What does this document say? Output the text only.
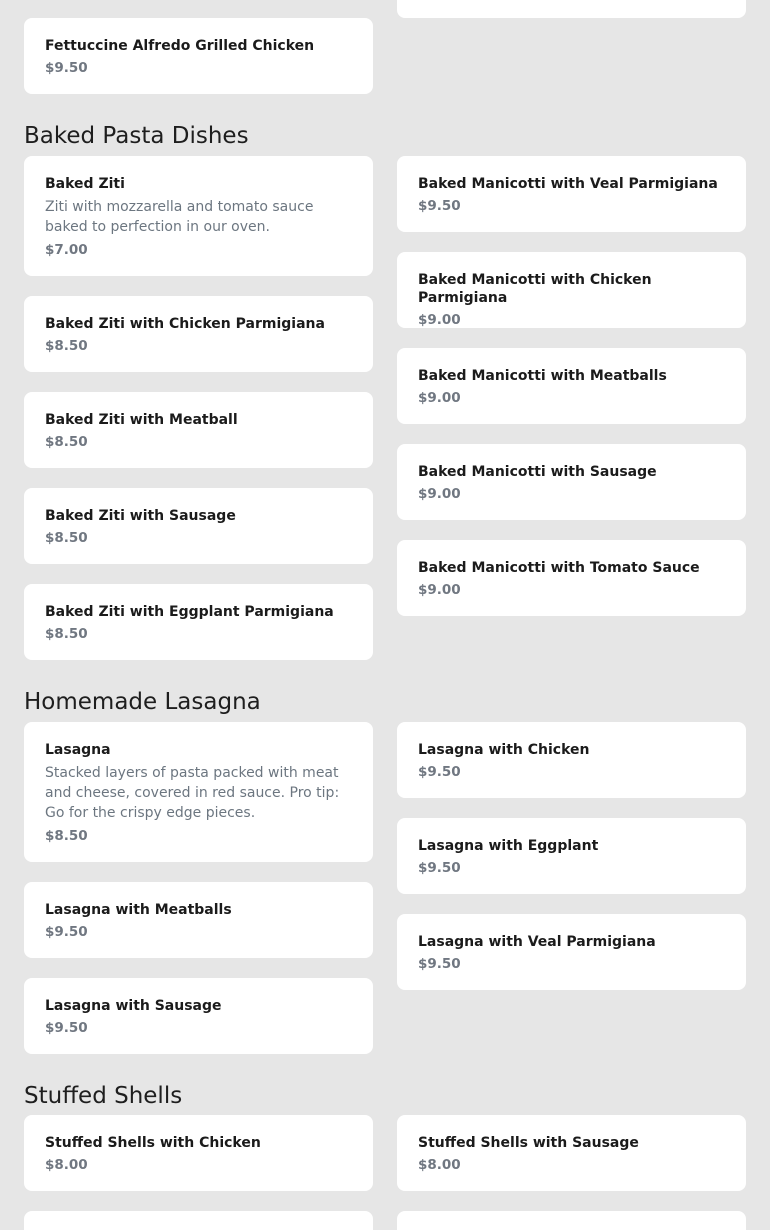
Fettuccine Alfredo Grilled Chicken
$9.50
Baked Pasta Dishes
Baked Ziti
Ziti with mozzarella and tomato sauce baked to perfection in our oven.
$7.00
Baked Manicotti with Veal Parmigiana
$9.50
Baked Ziti with Chicken Parmigiana
$8.50
Baked Manicotti with Chicken Parmigiana
$9.00
Baked Ziti with Meatball
$8.50
Baked Manicotti with Meatballs
$9.00
Baked Ziti with Sausage
$8.50
Baked Manicotti with Sausage
$9.00
Baked Ziti with Eggplant Parmigiana
$8.50
Baked Manicotti with Tomato Sauce
$9.00
Homemade Lasagna
Lasagna
Stacked layers of pasta packed with meat and cheese, covered in red sauce. Pro tip: Go for the crispy edge pieces.
$8.50
Lasagna with Chicken
$9.50
Lasagna with Eggplant
$9.50
Lasagna with Meatballs
$9.50
Lasagna with Veal Parmigiana
$9.50
Lasagna with Sausage
$9.50
Stuffed Shells
Stuffed Shells with Chicken
$8.00
Stuffed Shells with Sausage
$8.00
